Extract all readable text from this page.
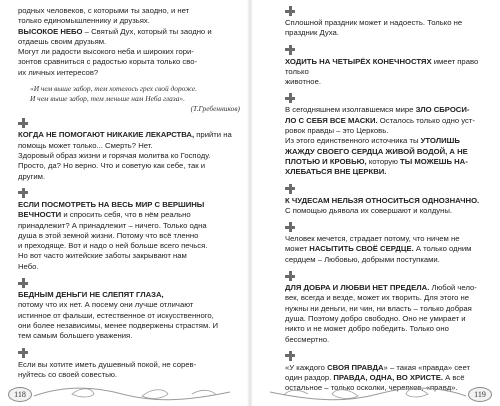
родных человеков, с которыми ты заодно, и нет

только единомышленнику и друзьях.

ВЫСОКОЕ НЕБО – Святый Дух, который ты заодно и

отдаешь своим друзьям.

Могут ли радости высокого неба и широких гори-

зонтов сравниться с радостью корыта только сво-

их личных интересов?

«И чем выше забор, тем хотелось грех свой дороже.

И чем выше забор, тем меньше нам Неба глаза».

(Т.Гребенников)

КОГДА НЕ ПОМОГАЮТ НИКАКИЕ ЛЕКАРСТВА, прийти на помощь может только... Смерть? Нет.

Здоровый образ жизни и горячая молитва ко Господу.

Просто, да? Но верно. Что и советую как себе, так и

другим.

ЕСЛИ ПОСМОТРЕТЬ НА ВЕСЬ МИР С ВЕРШИНЫ

ВЕЧНОСТИ и спросить себя, что в нём реально

принадлежит? А принадлежит – ничего. Только одна

душа в этой земной жизни. Потому что всё тленно

и преходяще. Вот и надо о ней больше всего печься.

Но вот часто житейские заботы закрывают нам

Небо.

БЕДНЫМ ДЕНЬГИ НЕ СЛЕПЯТ ГЛАЗА,

потому что их нет. А посему они лучше отличают

истинное от фальши, естественное от искусственного,

они более независимы, менее подвержены страстям. И

тем самым большего уважения.

Если вы хотите иметь душевный покой, не сорев-

нуйтесь со своей совестью.

118

Сплошной праздник может и надоесть. Только не

праздник Духа.

ХОДИТЬ НА ЧЕТЫРЁХ КОНЕЧНОСТЯХ имеет право только

животное.

В сегодняшнем изолгавшемся мире ЗЛО СБРОСИ-

ЛО С СЕБЯ ВСЕ МАСКИ. Осталось только одно уст-

ровок правды – это Церковь.

Из этого единственного источника ты УТОЛИШЬ

ЖАЖДУ СВОЕГО СЕРДЦА ЖИВОЙ ВОДОЙ, А НЕ

ПЛОТЬЮ И КРОВЬЮ, которую ТЫ МОЖЕШЬ НА-

ХЛЕБАТЬСЯ ВНЕ ЦЕРКВИ.

К ЧУДЕСАМ НЕЛЬЗЯ ОТНОСИТЬСЯ ОДНОЗНАЧНО.

С помощью дьявола их совершают и колдуны.

Человек мечется, страдает потому, что ничем не

может НАСЫТИТЬ СВОЁ СЕРДЦЕ. А только одним

сердцем – Любовью, добрыми поступками.

ДЛЯ ДОБРА И ЛЮБВИ НЕТ ПРЕДЕЛА. Любой чело-

век, всегда и везде, может их творить. Для этого не

нужны ни деньги, ни чин, ни власть – только добрая

душа. Поэтому добро свободно. Оно не умирает и

никто и не может добро победить. Только оно бессмертно.

«У каждого СВОЯ ПРАВДА» – такая «правда» сеет

один раздор. ПРАВДА, ОДНА, ВО ХРИСТЕ. А всё

остальное – только осколки, черепков, «правд».

119
